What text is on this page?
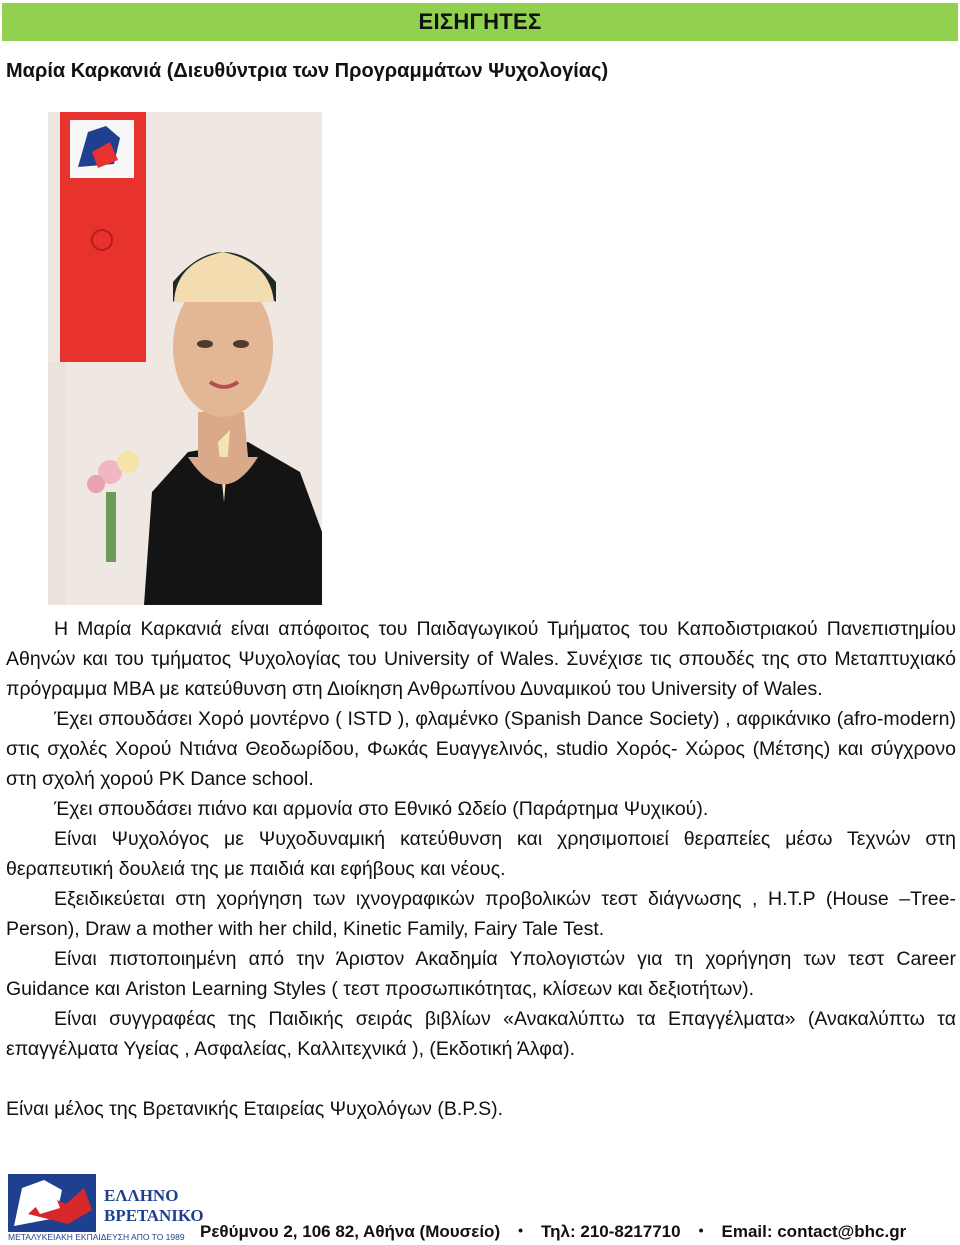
ΕΙΣΗΓΗΤΕΣ
Μαρία Καρκανιά (Διευθύντρια των Προγραμμάτων Ψυχολογίας)

Η Μαρία Καρκανιά είναι απόφοιτος του Παιδαγωγικού Τμήματος του Καποδιστριακού Πανεπιστημίου Αθηνών και του τμήματος Ψυχολογίας του University of Wales. Συνέχισε τις σπουδές της στο Μεταπτυχιακό πρόγραμμα ΜΒΑ με κατεύθυνση στη Διοίκηση Ανθρωπίνου Δυναμικού του University of Wales.

Έχει σπουδάσει Χορό μοντέρνο ( ISTD ), φλαμένκο (Spanish Dance Society) , αφρικάνικο (afro-modern) στις σχολές Χορού Ντιάνα Θεοδωρίδου, Φωκάς Ευαγγελινός, studio Χορός- Χώρος (Μέτσης) και σύγχρονο στη σχολή χορού PK Dance school.

Έχει σπουδάσει πιάνο και αρμονία στο Εθνικό Ωδείο (Παράρτημα Ψυχικού).

Είναι Ψυχολόγος με Ψυχοδυναμική κατεύθυνση και χρησιμοποιεί θεραπείες μέσω Τεχνών στη θεραπευτική δουλειά της με παιδιά και εφήβους και νέους.

Εξειδικεύεται στη χορήγηση των ιχνογραφικών προβολικών τεστ διάγνωσης , H.T.P (House –Tree- Person), Draw a mother with her child, Kinetic Family, Fairy Tale Test.

Είναι πιστοποιημένη από την Άριστον Ακαδημία Υπολογιστών για τη χορήγηση των τεστ Career Guidance και Ariston Learning Styles ( τεστ προσωπικότητας, κλίσεων και δεξιοτήτων).

Είναι συγγραφέας της Παιδικής σειράς βιβλίων «Ανακαλύπτω τα Επαγγέλματα» (Ανακαλύπτω τα επαγγέλματα Υγείας , Ασφαλείας, Καλλιτεχνικά ), (Εκδοτική Άλφα).

Είναι μέλος της Βρετανικής Εταιρείας Ψυχολόγων (B.P.S).

ΕΛΛΗΝΟ
ΒΡΕΤΑΝΙΚΟ
ΜΕΤΑΛΥΚΕΙΑΚΗ ΕΚΠΑΙΔΕΥΣΗ ΑΠΟ ΤΟ 1989 Ρεθύμνου 2, 106 82, Αθήνα (Μουσείο) • Τηλ: 210-8217710 • Email: contact@bhc.gr
